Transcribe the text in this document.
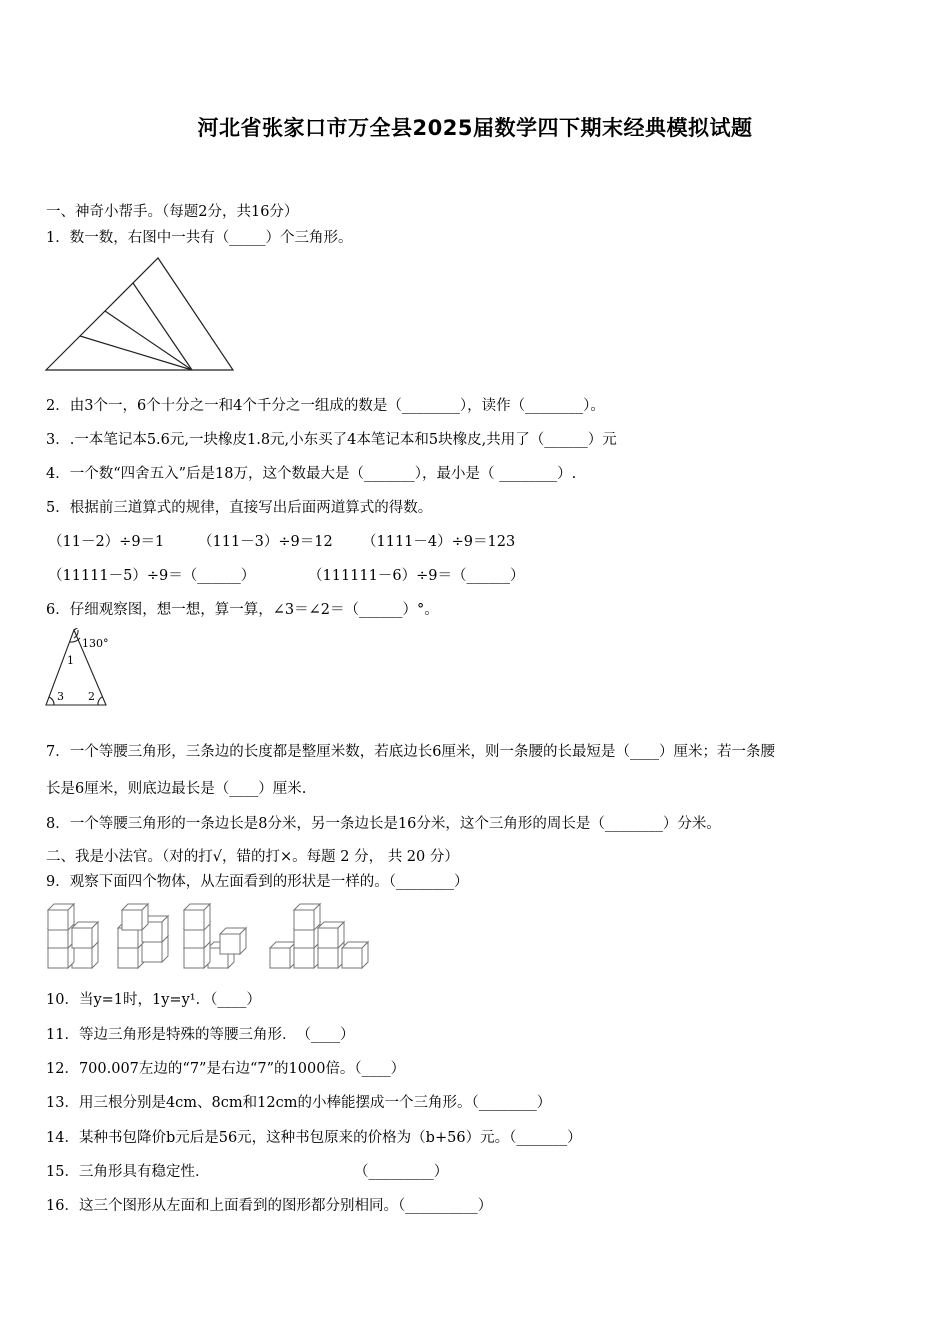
河北省张家口市万全县2025届数学四下期末经典模拟试题
一、神奇小帮手。（每题2分，共16分）
1．数一数，右图中一共有（_____）个三角形。
2．由3个一，6个十分之一和4个千分之一组成的数是（________），读作（________）。
3．.一本笔记本5.6元,一块橡皮1.8元,小东买了4本笔记本和5块橡皮,共用了（______）元
4．一个数“四舍五入”后是18万，这个数最大是（_______），最小是（ ________）.
5．根据前三道算式的规律，直接写出后面两道算式的得数。
（11－2）÷9＝1 （111－3）÷9＝12 （1111－4）÷9＝123
（11111－5）÷9＝（______）	（111111－6）÷9＝（______）
6．仔细观察图，想一想，算一算，∠3＝∠2＝（______）°。
130°
1
3 2
7．一个等腰三角形，三条边的长度都是整厘米数，若底边长6厘米，则一条腰的长最短是（____）厘米；若一条腰
长是6厘米，则底边最长是（____）厘米.
8．一个等腰三角形的一条边长是8分米，另一条边长是16分米，这个三角形的周长是（________）分米。
二、我是小法官。（对的打√，错的打×。每题 2 分， 共 20 分）
9．观察下面四个物体，从左面看到的形状是一样的。（________）
10．当y=1时，1y=y¹．（____）
11．等边三角形是特殊的等腰三角形．　（____）
12．700.007左边的“7”是右边“7”的1000倍。（____）
13．用三根分别是4cm、8cm和12cm的小棒能摆成一个三角形。（________）
14．某种书包降价b元后是56元，这种书包原来的价格为（b+56）元。（_______）
15．三角形具有稳定性．	（_________）
16．这三个图形从左面和上面看到的图形都分别相同。（__________）
